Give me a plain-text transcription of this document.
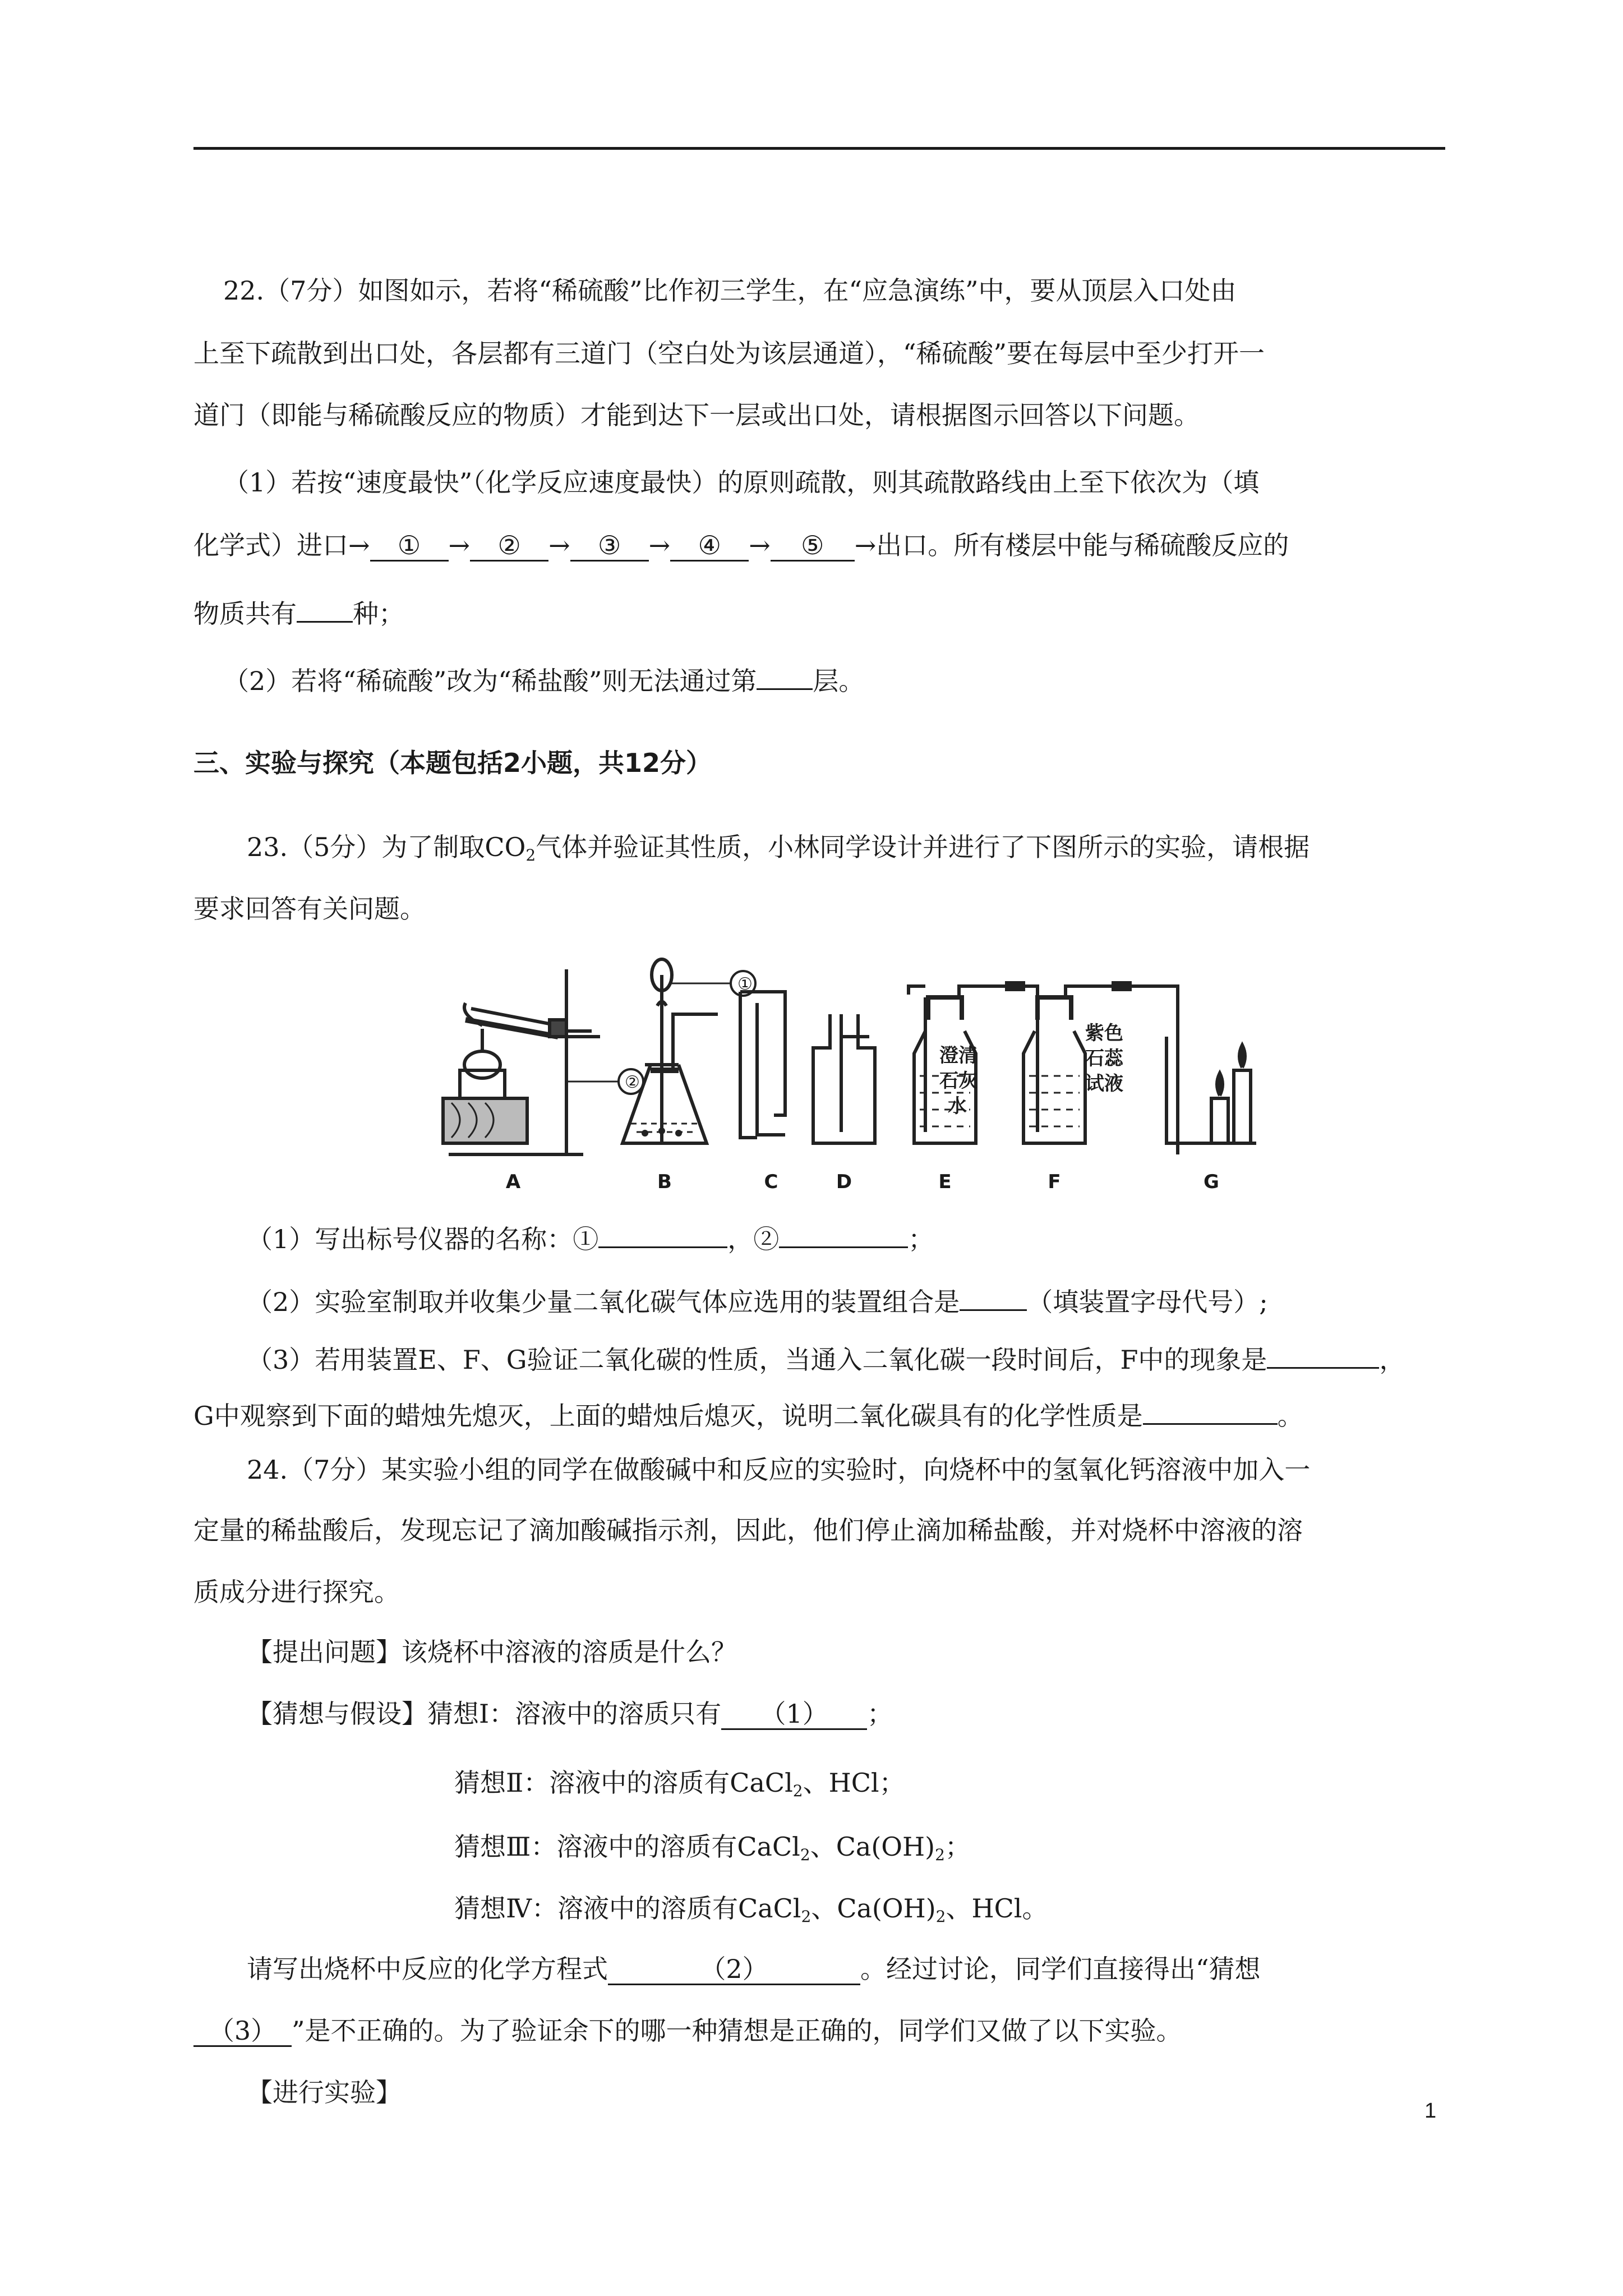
22.（7分）如图如示，若将“稀硫酸”比作初三学生，在“应急演练”中，要从顶层入口处由
上至下疏散到出口处，各层都有三道门（空白处为该层通道），“稀硫酸”要在每层中至少打开一
道门（即能与稀硫酸反应的物质）才能到达下一层或出口处，请根据图示回答以下问题。
（1）若按“速度最快”（化学反应速度最快）的原则疏散，则其疏散路线由上至下依次为（填
化学式）进口→ ① → ② → ③ → ④ → ⑤ →出口。所有楼层中能与稀硫酸反应的
物质共有 种；
（2）若将“稀硫酸”改为“稀盐酸”则无法通过第 层。
三、实验与探究（本题包括2小题，共12分）
23.（5分）为了制取$CO_2$气体并验证其性质，小林同学设计并进行了下图所示的实验，请根据
要求回答有关问题。
①
②
澄清
石灰
水
紫色
石蕊
试液
A	B	C	D	E	F	G
（1）写出标号仪器的名称：①	，②	；
（2）实验室制取并收集少量二氧化碳气体应选用的装置组合是	（填装置字母代号）;
（3）若用装置E、F、G验证二氧化碳的性质，当通入二氧化碳一段时间后，F中的现象是	，
G中观察到下面的蜡烛先熄灭，上面的蜡烛后熄灭，说明二氧化碳具有的化学性质是	。
24.（7分）某实验小组的同学在做酸碱中和反应的实验时，向烧杯中的氢氧化钙溶液中加入一
定量的稀盐酸后，发现忘记了滴加酸碱指示剂，因此，他们停止滴加稀盐酸，并对烧杯中溶液的溶
质成分进行探究。
【提出问题】该烧杯中溶液的溶质是什么？
【猜想与假设】猜想Ⅰ：溶液中的溶质只有 （1） ；
猜想Ⅱ：溶液中的溶质有CaCl$_2$、HCl；
猜想Ⅲ：溶液中的溶质有CaCl$_2$、$Ca(OH)_2$；
猜想Ⅳ：溶液中的溶质有CaCl$_2$、$Ca(OH)_2$、HCl。
请写出烧杯中反应的化学方程式	（2）	。经过讨论，同学们直接得出“猜想
（3） ”是不正确的。为了验证余下的哪一种猜想是正确的，同学们又做了以下实验。
【进行实验】
1
